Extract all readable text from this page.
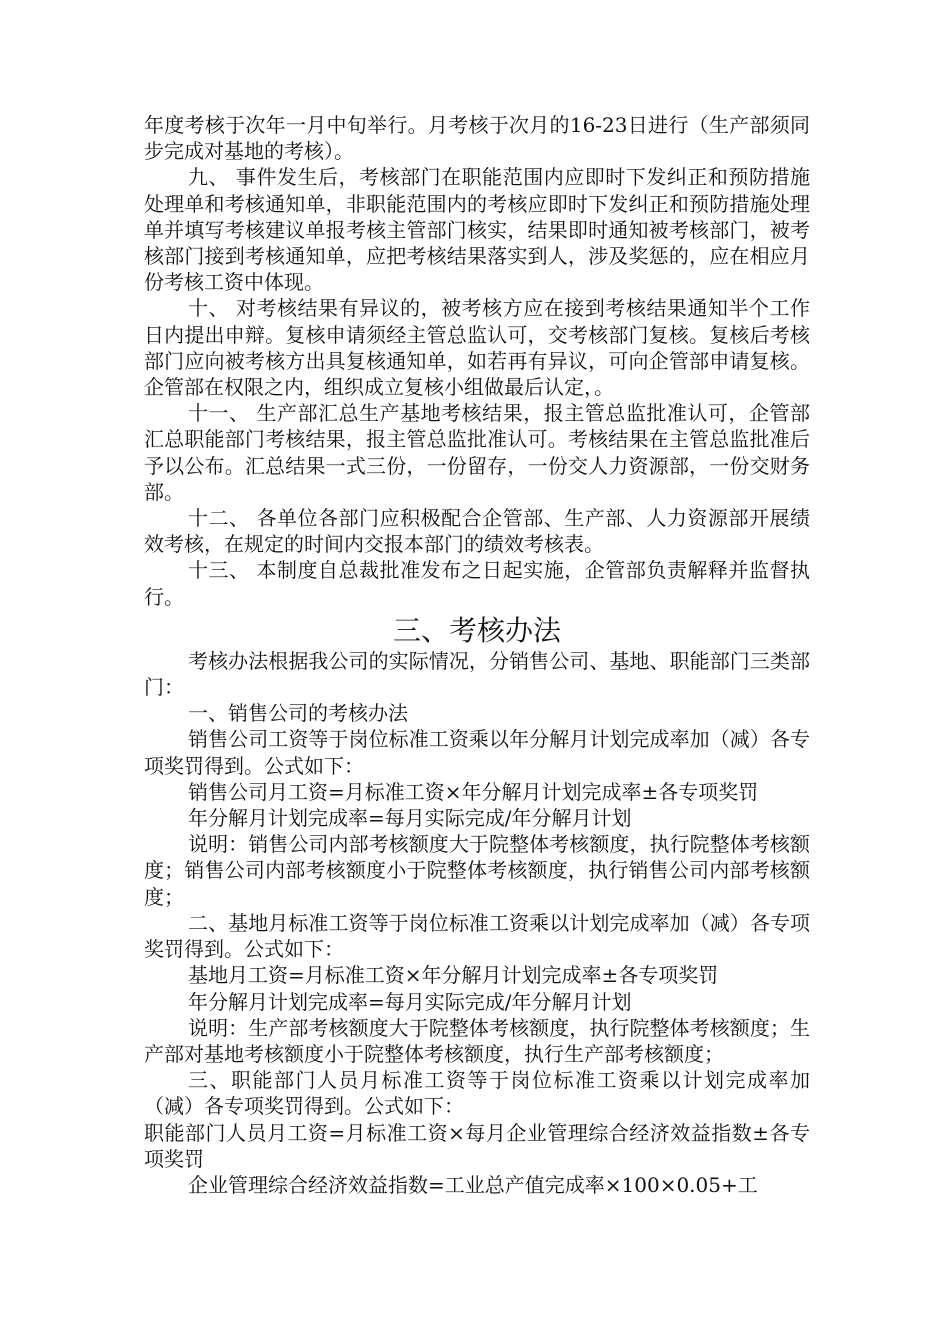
年度考核于次年一月中旬举行。月考核于次月的16-23日进行（生产部须同步完成对基地的考核）。

九、 事件发生后，考核部门在职能范围内应即时下发纠正和预防措施处理单和考核通知单，非职能范围内的考核应即时下发纠正和预防措施处理单并填写考核建议单报考核主管部门核实，结果即时通知被考核部门，被考核部门接到考核通知单，应把考核结果落实到人，涉及奖惩的，应在相应月份考核工资中体现。

十、 对考核结果有异议的，被考核方应在接到考核结果通知半个工作日内提出申辩。复核申请须经主管总监认可，交考核部门复核。复核后考核部门应向被考核方出具复核通知单，如若再有异议，可向企管部申请复核。企管部在权限之内，组织成立复核小组做最后认定，。

十一、 生产部汇总生产基地考核结果，报主管总监批准认可，企管部汇总职能部门考核结果，报主管总监批准认可。考核结果在主管总监批准后予以公布。汇总结果一式三份，一份留存，一份交人力资源部，一份交财务部。

十二、 各单位各部门应积极配合企管部、生产部、人力资源部开展绩效考核，在规定的时间内交报本部门的绩效考核表。

十三、 本制度自总裁批准发布之日起实施，企管部负责解释并监督执行。

三、考核办法

考核办法根据我公司的实际情况，分销售公司、基地、职能部门三类部门：

一、销售公司的考核办法

销售公司工资等于岗位标准工资乘以年分解月计划完成率加（减）各专项奖罚得到。公式如下：

销售公司月工资=月标准工资×年分解月计划完成率±各专项奖罚

年分解月计划完成率=每月实际完成/年分解月计划

说明：销售公司内部考核额度大于院整体考核额度，执行院整体考核额度；销售公司内部考核额度小于院整体考核额度，执行销售公司内部考核额度；

二、基地月标准工资等于岗位标准工资乘以计划完成率加（减）各专项奖罚得到。公式如下：

基地月工资=月标准工资×年分解月计划完成率±各专项奖罚

年分解月计划完成率=每月实际完成/年分解月计划

说明：生产部考核额度大于院整体考核额度，执行院整体考核额度；生产部对基地考核额度小于院整体考核额度，执行生产部考核额度；

三、职能部门人员月标准工资等于岗位标准工资乘以计划完成率加（减）各专项奖罚得到。公式如下：

职能部门人员月工资=月标准工资×每月企业管理综合经济效益指数±各专项奖罚

企业管理综合经济效益指数=工业总产值完成率×100×0.05+工
